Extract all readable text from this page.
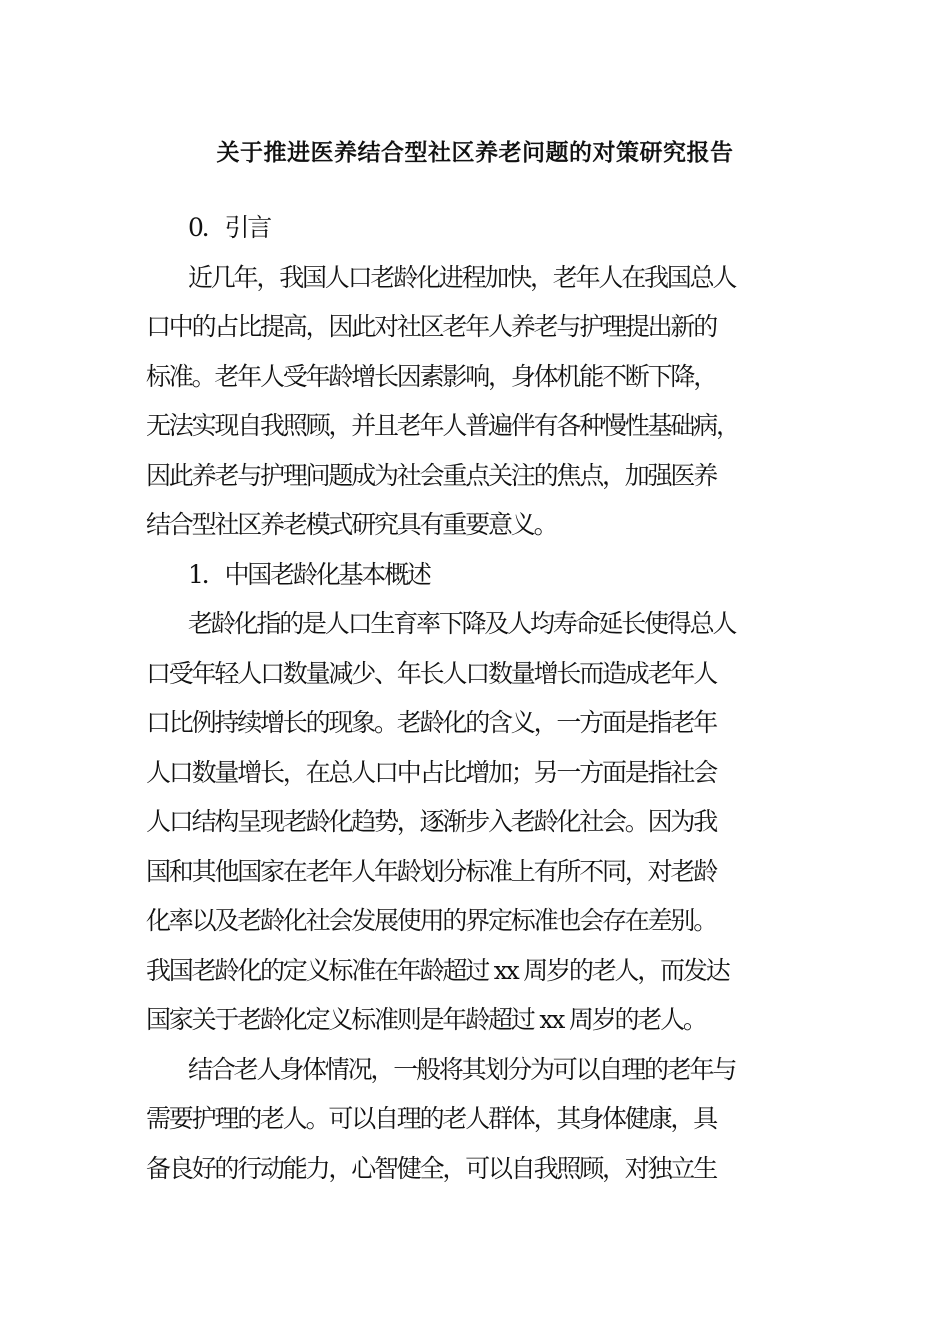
关于推进医养结合型社区养老问题的对策研究报告
0．引言
近几年，我国人口老龄化进程加快，老年人在我国总人
口中的占比提高，因此对社区老年人养老与护理提出新的
标准。老年人受年龄增长因素影响，身体机能不断下降，
无法实现自我照顾，并且老年人普遍伴有各种慢性基础病，
因此养老与护理问题成为社会重点关注的焦点，加强医养
结合型社区养老模式研究具有重要意义。
1．中国老龄化基本概述
老龄化指的是人口生育率下降及人均寿命延长使得总人
口受年轻人口数量减少、年长人口数量增长而造成老年人
口比例持续增长的现象。老龄化的含义，一方面是指老年
人口数量增长，在总人口中占比增加；另一方面是指社会
人口结构呈现老龄化趋势，逐渐步入老龄化社会。因为我
国和其他国家在老年人年龄划分标准上有所不同，对老龄
化率以及老龄化社会发展使用的界定标准也会存在差别。
我国老龄化的定义标准在年龄超过 xx 周岁的老人，而发达
国家关于老龄化定义标准则是年龄超过 xx 周岁的老人。
结合老人身体情况，一般将其划分为可以自理的老年与
需要护理的老人。可以自理的老人群体，其身体健康，具
备良好的行动能力，心智健全，可以自我照顾，对独立生
